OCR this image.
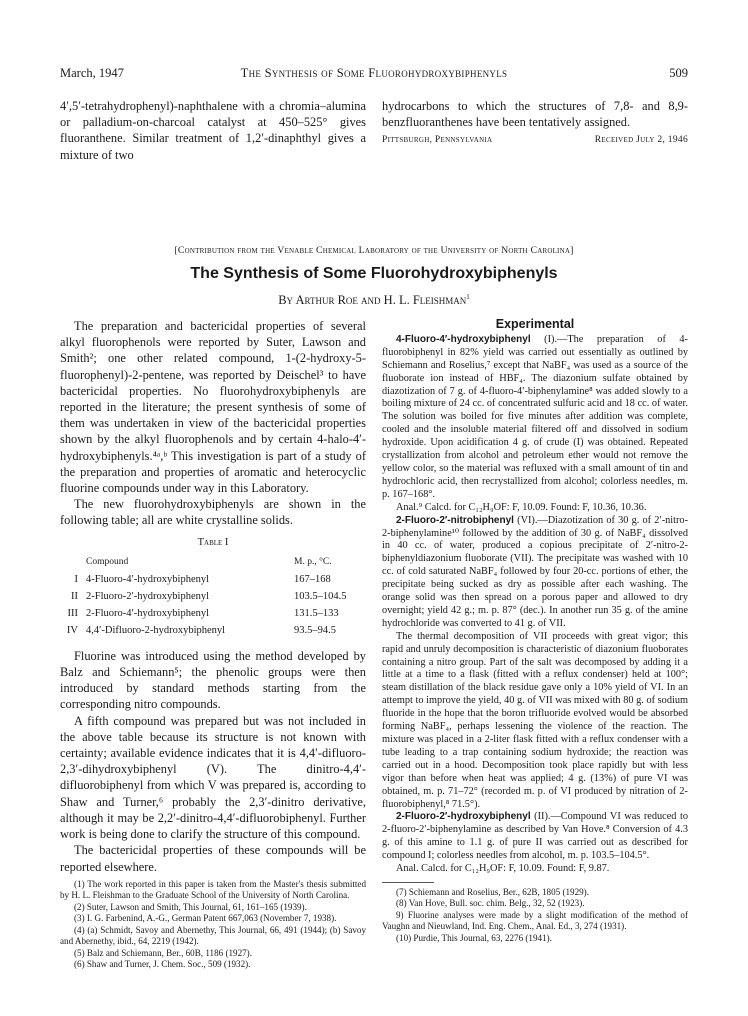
March, 1947	The Synthesis of Some Fluorohydroxybiphenyls	509

4′,5′-tetrahydrophenyl)-naphthalene with a chromia–alumina or palladium-on-charcoal catalyst at 450–525° gives fluoranthene. Similar treatment of 1,2′-dinaphthyl gives a mixture of two

hydrocarbons to which the structures of 7,8- and 8,9-benzfluoranthenes have been tentatively assigned.

Pittsburgh, Pennsylvania	Received July 2, 1946
[Contribution from the Venable Chemical Laboratory of the University of North Carolina]
The Synthesis of Some Fluorohydroxybiphenyls
By Arthur Roe and H. L. Fleishman$^1$

The preparation and bactericidal properties of several alkyl fluorophenols were reported by Suter, Lawson and Smith²; one other related compound, 1-(2-hydroxy-5-fluorophenyl)-2-pentene, was reported by Deischel³ to have bactericidal properties. No fluorohydroxybiphenyls are reported in the literature; the present synthesis of some of them was undertaken in view of the bactericidal properties shown by the alkyl fluorophenols and by certain 4-halo-4′-hydroxybiphenyls.⁴ᵃ,ᵇ This investigation is part of a study of the preparation and properties of aromatic and heterocyclic fluorine compounds under way in this Laboratory.

The new fluorohydroxybiphenyls are shown in the following table; all are white crystalline solids.

Table I
	Compound	M. p., °C.
I	4-Fluoro-4′-hydroxybiphenyl	167–168
II	2-Fluoro-2′-hydroxybiphenyl	103.5–104.5
III	2-Fluoro-4′-hydroxybiphenyl	131.5–133
IV	4,4′-Difluoro-2-hydroxybiphenyl	93.5–94.5

Fluorine was introduced using the method developed by Balz and Schiemann⁵; the phenolic groups were then introduced by standard methods starting from the corresponding nitro compounds.

A fifth compound was prepared but was not included in the above table because its structure is not known with certainty; available evidence indicates that it is 4,4′-difluoro-2,3′-dihydroxybiphenyl (V). The dinitro-4,4′-difluorobiphenyl from which V was prepared is, according to Shaw and Turner,⁶ probably the 2,3′-dinitro derivative, although it may be 2,2′-dinitro-4,4′-difluorobiphenyl. Further work is being done to clarify the structure of this compound.

The bactericidal properties of these compounds will be reported elsewhere.

(1) The work reported in this paper is taken from the Master's thesis submitted by H. L. Fleishman to the Graduate School of the University of North Carolina.

(2) Suter, Lawson and Smith, This Journal, 61, 161–165 (1939).

(3) I. G. Farbenind, A.-G., German Patent 667,063 (November 7, 1938).

(4) (a) Schmidt, Savoy and Abernethy, This Journal, 66, 491 (1944); (b) Savoy and Abernethy, ibid., 64, 2219 (1942).

(5) Balz and Schiemann, Ber., 60B, 1186 (1927).

(6) Shaw and Turner, J. Chem. Soc., 509 (1932).

Experimental

4-Fluoro-4′-hydroxybiphenyl (I).—The preparation of 4-fluorobiphenyl in 82% yield was carried out essentially as outlined by Schiemann and Roselius,⁷ except that NaBF₄ was used as a source of the fluoborate ion instead of HBF₄. The diazonium sulfate obtained by diazotization of 7 g. of 4-fluoro-4′-biphenylamine⁸ was added slowly to a boiling mixture of 24 cc. of concentrated sulfuric acid and 18 cc. of water. The solution was boiled for five minutes after addition was complete, cooled and the insoluble material filtered off and dissolved in sodium hydroxide. Upon acidification 4 g. of crude (I) was obtained. Repeated crystallization from alcohol and petroleum ether would not remove the yellow color, so the material was refluxed with a small amount of tin and hydrochloric acid, then recrystallized from alcohol; colorless needles, m. p. 167–168°.

Anal.⁹ Calcd. for C₁₂H₉OF: F, 10.09. Found: F, 10.36, 10.36.

2-Fluoro-2′-nitrobiphenyl (VI).—Diazotization of 30 g. of 2′-nitro-2-biphenylamine¹⁰ followed by the addition of 30 g. of NaBF₄ dissolved in 40 cc. of water, produced a copious precipitate of 2′-nitro-2-biphenyldiazonium fluoborate (VII). The precipitate was washed with 10 cc. of cold saturated NaBF₄ followed by four 20-cc. portions of ether, the precipitate being sucked as dry as possible after each washing. The orange solid was then spread on a porous paper and allowed to dry overnight; yield 42 g.; m. p. 87° (dec.). In another run 35 g. of the amine hydrochloride was converted to 41 g. of VII.

The thermal decomposition of VII proceeds with great vigor; this rapid and unruly decomposition is characteristic of diazonium fluoborates containing a nitro group. Part of the salt was decomposed by adding it a little at a time to a flask (fitted with a reflux condenser) held at 100°; steam distillation of the black residue gave only a 10% yield of VI. In an attempt to improve the yield, 40 g. of VII was mixed with 80 g. of sodium fluoride in the hope that the boron trifluoride evolved would be absorbed forming NaBF₄, perhaps lessening the violence of the reaction. The mixture was placed in a 2-liter flask fitted with a reflux condenser with a tube leading to a trap containing sodium hydroxide; the reaction was carried out in a hood. Decomposition took place rapidly but with less vigor than before when heat was applied; 4 g. (13%) of pure VI was obtained, m. p. 71–72° (recorded m. p. of VI produced by nitration of 2-fluorobiphenyl,⁸ 71.5°).

2-Fluoro-2′-hydroxybiphenyl (II).—Compound VI was reduced to 2-fluoro-2′-biphenylamine as described by Van Hove.⁸ Conversion of 4.3 g. of this amine to 1.1 g. of pure II was carried out as described for compound I; colorless needles from alcohol, m. p. 103.5–104.5°.

Anal. Calcd. for C₁₂H₉OF: F, 10.09. Found: F, 9.87.

(7) Schiemann and Roselius, Ber., 62B, 1805 (1929).

(8) Van Hove, Bull. soc. chim. Belg., 32, 52 (1923).

9) Fluorine analyses were made by a slight modification of the method of Vaughn and Nieuwland, Ind. Eng. Chem., Anal. Ed., 3, 274 (1931).

(10) Purdie, This Journal, 63, 2276 (1941).
